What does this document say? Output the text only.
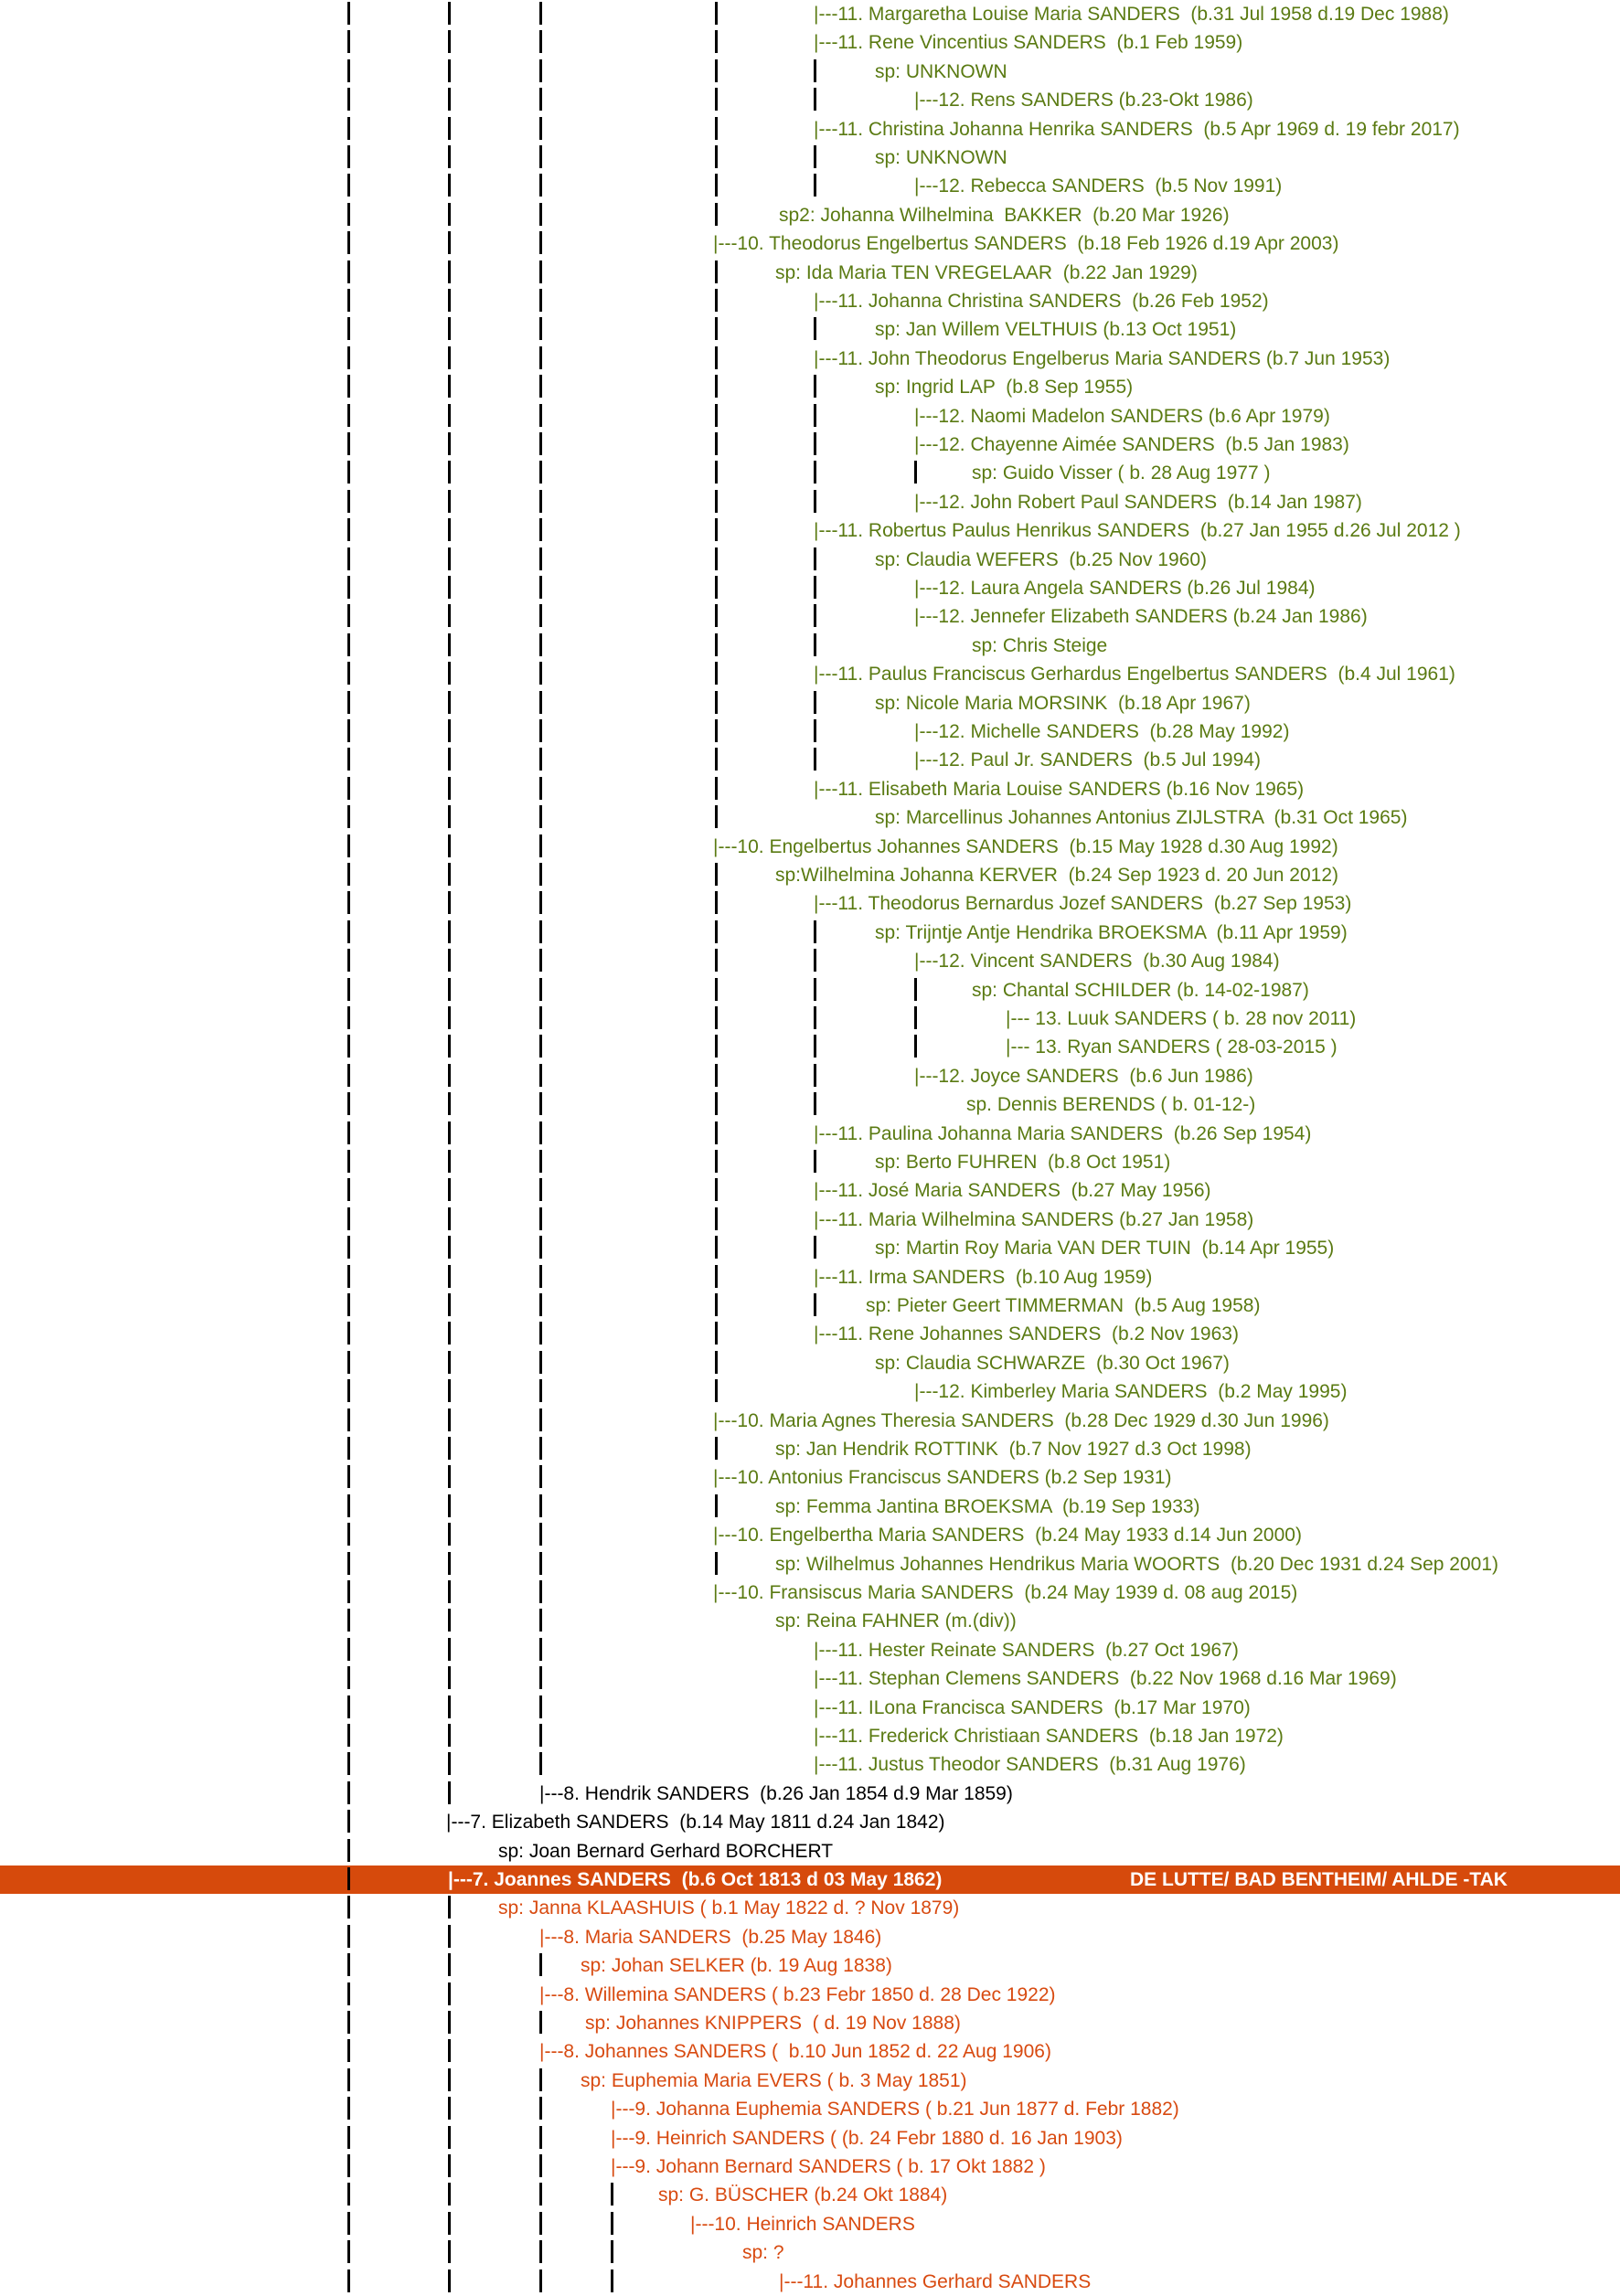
|---11. Margaretha Louise Maria SANDERS  (b.31 Jul 1958 d.19 Dec 1988)
|---11. Rene Vincentius SANDERS  (b.1 Feb 1959)
sp: UNKNOWN
|---12. Rens SANDERS (b.23-Okt 1986)
|---11. Christina Johanna Henrika SANDERS  (b.5 Apr 1969 d. 19 febr 2017)
sp: UNKNOWN
|---12. Rebecca SANDERS  (b.5 Nov 1991)
sp2: Johanna Wilhelmina  BAKKER  (b.20 Mar 1926)
|---10. Theodorus Engelbertus SANDERS  (b.18 Feb 1926 d.19 Apr 2003)
sp: Ida Maria TEN VREGELAAR  (b.22 Jan 1929)
|---11. Johanna Christina SANDERS  (b.26 Feb 1952)
sp: Jan Willem VELTHUIS (b.13 Oct 1951)
|---11. John Theodorus Engelberus Maria SANDERS (b.7 Jun 1953)
sp: Ingrid LAP  (b.8 Sep 1955)
|---12. Naomi Madelon SANDERS (b.6 Apr 1979)
|---12. Chayenne Aimée SANDERS  (b.5 Jan 1983)
sp: Guido Visser ( b. 28 Aug 1977 )
|---12. John Robert Paul SANDERS  (b.14 Jan 1987)
|---11. Robertus Paulus Henrikus SANDERS  (b.27 Jan 1955 d.26 Jul 2012 )
sp: Claudia WEFERS  (b.25 Nov 1960)
|---12. Laura Angela SANDERS (b.26 Jul 1984)
|---12. Jennefer Elizabeth SANDERS (b.24 Jan 1986)
sp: Chris Steige
|---11. Paulus Franciscus Gerhardus Engelbertus SANDERS  (b.4 Jul 1961)
sp: Nicole Maria MORSINK  (b.18 Apr 1967)
|---12. Michelle SANDERS  (b.28 May 1992)
|---12. Paul Jr. SANDERS  (b.5 Jul 1994)
|---11. Elisabeth Maria Louise SANDERS (b.16 Nov 1965)
sp: Marcellinus Johannes Antonius ZIJLSTRA  (b.31 Oct 1965)
|---10. Engelbertus Johannes SANDERS  (b.15 May 1928 d.30 Aug 1992)
sp:Wilhelmina Johanna KERVER  (b.24 Sep 1923 d. 20 Jun 2012)
|---11. Theodorus Bernardus Jozef SANDERS  (b.27 Sep 1953)
sp: Trijntje Antje Hendrika BROEKSMA  (b.11 Apr 1959)
|---12. Vincent SANDERS  (b.30 Aug 1984)
sp: Chantal SCHILDER (b. 14-02-1987)
|--- 13. Luuk SANDERS ( b. 28 nov 2011)
|--- 13. Ryan SANDERS ( 28-03-2015 )
|---12. Joyce SANDERS  (b.6 Jun 1986)
sp. Dennis BERENDS ( b. 01-12-)
|---11. Paulina Johanna Maria SANDERS  (b.26 Sep 1954)
sp: Berto FUHREN  (b.8 Oct 1951)
|---11. José Maria SANDERS  (b.27 May 1956)
|---11. Maria Wilhelmina SANDERS (b.27 Jan 1958)
sp: Martin Roy Maria VAN DER TUIN  (b.14 Apr 1955)
|---11. Irma SANDERS  (b.10 Aug 1959)
sp: Pieter Geert TIMMERMAN  (b.5 Aug 1958)
|---11. Rene Johannes SANDERS  (b.2 Nov 1963)
sp: Claudia SCHWARZE  (b.30 Oct 1967)
|---12. Kimberley Maria SANDERS  (b.2 May 1995)
|---10. Maria Agnes Theresia SANDERS  (b.28 Dec 1929 d.30 Jun 1996)
sp: Jan Hendrik ROTTINK  (b.7 Nov 1927 d.3 Oct 1998)
|---10. Antonius Franciscus SANDERS (b.2 Sep 1931)
sp: Femma Jantina BROEKSMA  (b.19 Sep 1933)
|---10. Engelbertha Maria SANDERS  (b.24 May 1933 d.14 Jun 2000)
sp: Wilhelmus Johannes Hendrikus Maria WOORTS  (b.20 Dec 1931 d.24 Sep 2001)
|---10. Fransiscus Maria SANDERS  (b.24 May 1939 d. 08 aug 2015)
sp: Reina FAHNER (m.(div))
|---11. Hester Reinate SANDERS  (b.27 Oct 1967)
|---11. Stephan Clemens SANDERS  (b.22 Nov 1968 d.16 Mar 1969)
|---11. ILona Francisca SANDERS  (b.17 Mar 1970)
|---11. Frederick Christiaan SANDERS  (b.18 Jan 1972)
|---11. Justus Theodor SANDERS  (b.31 Aug 1976)
|---8. Hendrik SANDERS  (b.26 Jan 1854 d.9 Mar 1859)
|---7. Elizabeth SANDERS  (b.14 May 1811 d.24 Jan 1842)
sp: Joan Bernard Gerhard BORCHERT
|---7. Joannes SANDERS  (b.6 Oct 1813 d 03 May 1862)	DE LUTTE/ BAD BENTHEIM/ AHLDE -TAK
sp: Janna KLAASHUIS ( b.1 May 1822 d. ? Nov 1879)
|---8. Maria SANDERS  (b.25 May 1846)
sp: Johan SELKER (b. 19 Aug 1838)
|---8. Willemina SANDERS ( b.23 Febr 1850 d. 28 Dec 1922)
sp: Johannes KNIPPERS  ( d. 19 Nov 1888)
|---8. Johannes SANDERS (  b.10 Jun 1852 d. 22 Aug 1906)
sp: Euphemia Maria EVERS ( b. 3 May 1851)
|---9. Johanna Euphemia SANDERS ( b.21 Jun 1877 d. Febr 1882)
|---9. Heinrich SANDERS ( (b. 24 Febr 1880 d. 16 Jan 1903)
|---9. Johann Bernard SANDERS ( b. 17 Okt 1882 )
sp: G. BÜSCHER (b.24 Okt 1884)
|---10. Heinrich SANDERS
sp: ?
|---11. Johannes Gerhard SANDERS
